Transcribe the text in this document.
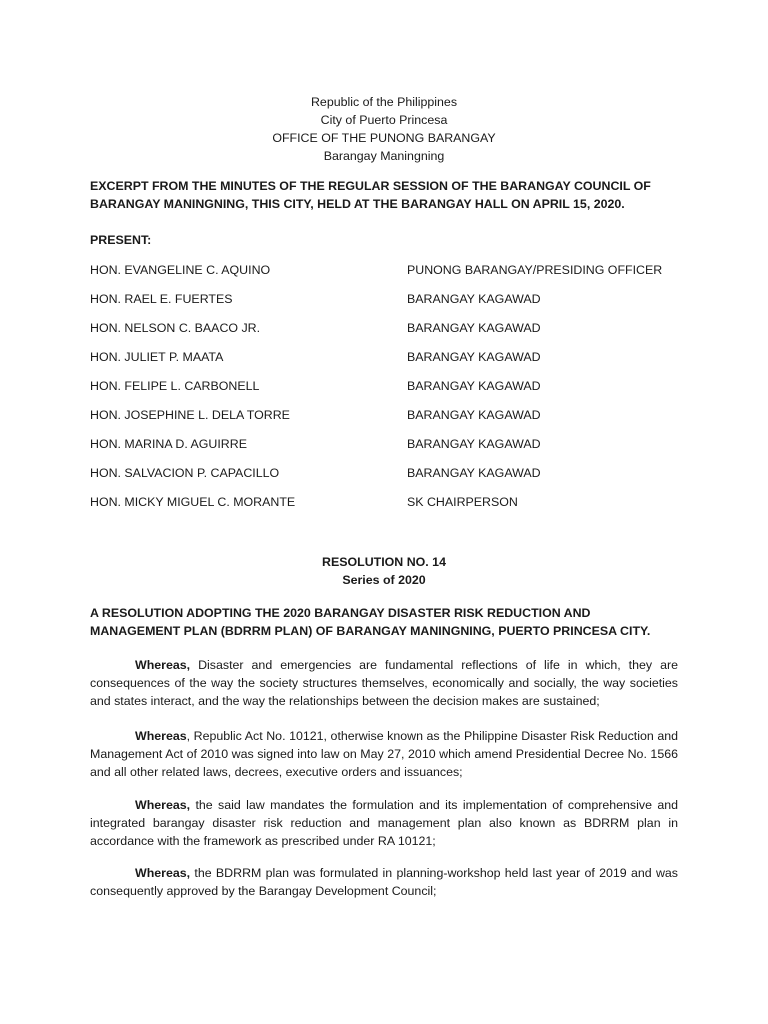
Republic of the Philippines
City of Puerto Princesa
OFFICE OF THE PUNONG BARANGAY
Barangay Maningning
EXCERPT FROM THE MINUTES OF THE REGULAR SESSION OF THE BARANGAY COUNCIL OF BARANGAY MANINGNING, THIS CITY, HELD AT THE BARANGAY HALL ON APRIL 15, 2020.
PRESENT:
HON. EVANGELINE C. AQUINO	PUNONG BARANGAY/PRESIDING OFFICER
HON. RAEL E. FUERTES	BARANGAY KAGAWAD
HON. NELSON C. BAACO JR.	BARANGAY KAGAWAD
HON. JULIET P. MAATA	BARANGAY KAGAWAD
HON. FELIPE L. CARBONELL	BARANGAY KAGAWAD
HON. JOSEPHINE L. DELA TORRE	BARANGAY KAGAWAD
HON. MARINA D. AGUIRRE	BARANGAY KAGAWAD
HON. SALVACION P. CAPACILLO	BARANGAY KAGAWAD
HON. MICKY MIGUEL C. MORANTE	SK CHAIRPERSON
RESOLUTION NO. 14
Series of 2020
A RESOLUTION ADOPTING THE 2020 BARANGAY DISASTER RISK REDUCTION AND MANAGEMENT PLAN (BDRRM PLAN) OF BARANGAY MANINGNING, PUERTO PRINCESA CITY.
Whereas, Disaster and emergencies are fundamental reflections of life in which, they are consequences of the way the society structures themselves, economically and socially, the way societies and states interact, and the way the relationships between the decision makes are sustained;
Whereas, Republic Act No. 10121, otherwise known as the Philippine Disaster Risk Reduction and Management Act of 2010 was signed into law on May 27, 2010 which amend Presidential Decree No. 1566 and all other related laws, decrees, executive orders and issuances;
Whereas, the said law mandates the formulation and its implementation of comprehensive and integrated barangay disaster risk reduction and management plan also known as BDRRM plan in accordance with the framework as prescribed under RA 10121;
Whereas, the BDRRM plan was formulated in planning-workshop held last year of 2019 and was consequently approved by the Barangay Development Council;
